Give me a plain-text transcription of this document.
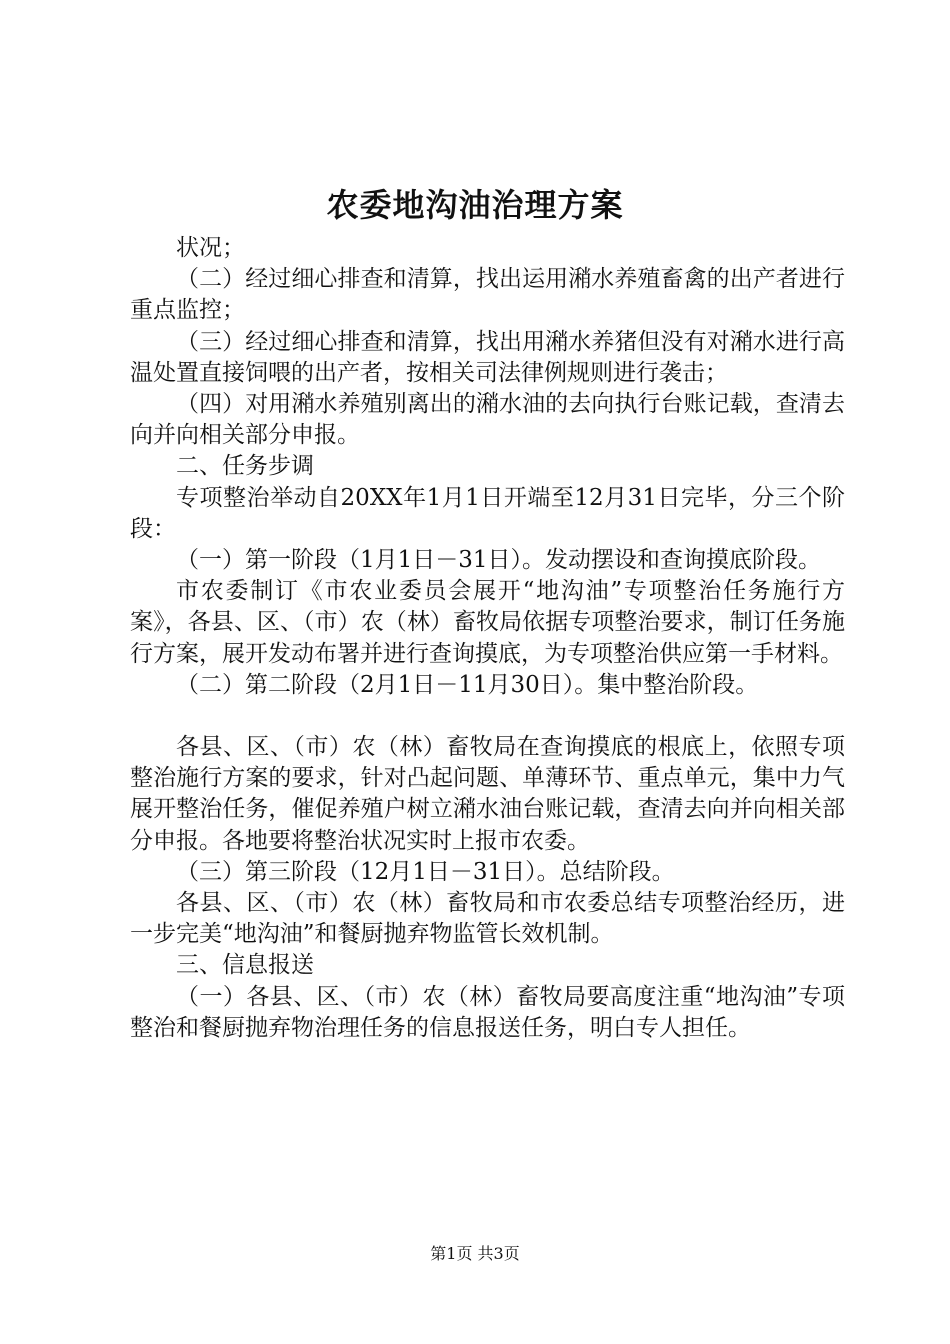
农委地沟油治理方案

状况；

（二）经过细心排查和清算，找出运用潲水养殖畜禽的出产者进行重点监控；

（三）经过细心排查和清算，找出用潲水养猪但没有对潲水进行高温处置直接饲喂的出产者，按相关司法律例规则进行袭击；

（四）对用潲水养殖别离出的潲水油的去向执行台账记载，查清去向并向相关部分申报。

二、任务步调

专项整治举动自20XX年1月1日开端至12月31日完毕，分三个阶段：

（一）第一阶段（1月1日－31日）。发动摆设和查询摸底阶段。

市农委制订《市农业委员会展开“地沟油”专项整治任务施行方案》，各县、区、（市）农（林）畜牧局依据专项整治要求，制订任务施行方案，展开发动布署并进行查询摸底，为专项整治供应第一手材料。

（二）第二阶段（2月1日－11月30日）。集中整治阶段。

各县、区、（市）农（林）畜牧局在查询摸底的根底上，依照专项整治施行方案的要求，针对凸起问题、单薄环节、重点单元，集中力气展开整治任务，催促养殖户树立潲水油台账记载，查清去向并向相关部分申报。各地要将整治状况实时上报市农委。

（三）第三阶段（12月1日－31日）。总结阶段。

各县、区、（市）农（林）畜牧局和市农委总结专项整治经历，进一步完美“地沟油”和餐厨抛弃物监管长效机制。

三、信息报送

（一）各县、区、（市）农（林）畜牧局要高度注重“地沟油”专项整治和餐厨抛弃物治理任务的信息报送任务，明白专人担任。

第1页 共3页
